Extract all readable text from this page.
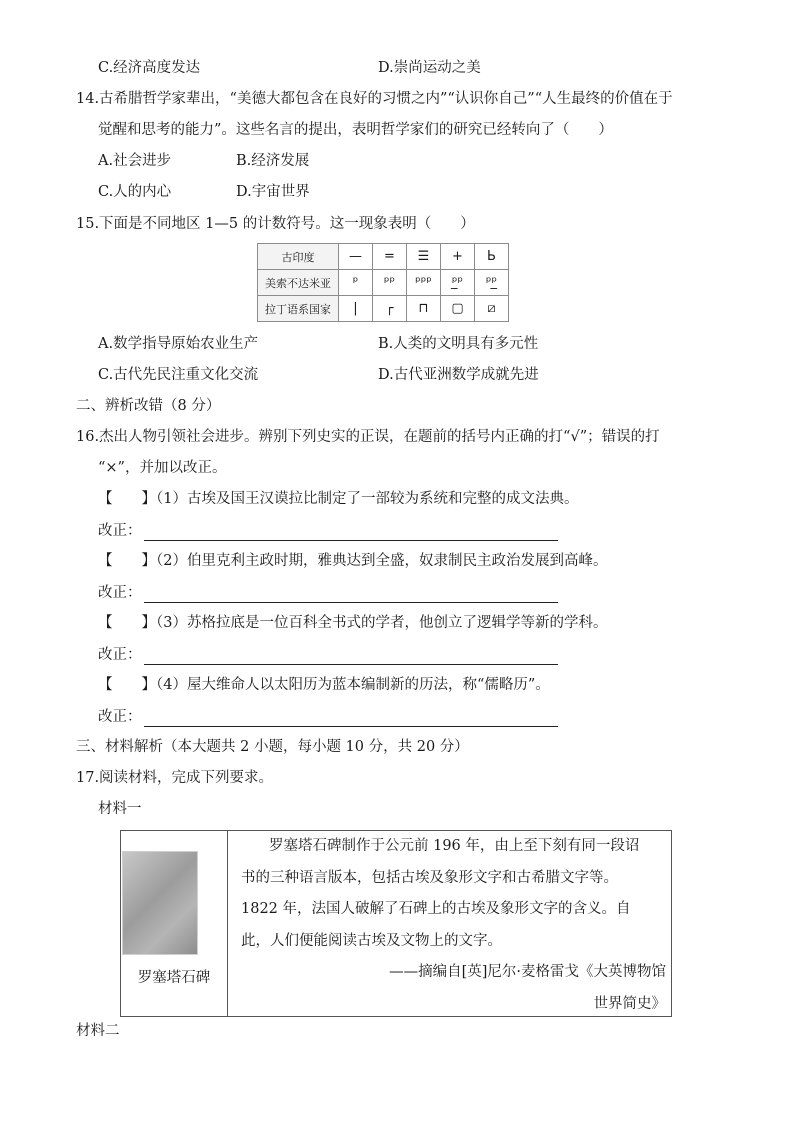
C.经济高度发达	D.崇尚运动之美
14.古希腊哲学家辈出，“美德大都包含在良好的习惯之内”“认识你自己”“人生最终的价值在于
觉醒和思考的能力”。这些名言的提出，表明哲学家们的研究已经转向了（　　）
A.社会进步	B.经济发展
C.人的内心	D.宇宙世界
15.下面是不同地区 1—5 的计数符号。这一现象表明（　　）
古印度	—	=	☰	+	Ь
美索不达米亚	ᵖ	ᵖᵖ	ᵖᵖᵖ	ᵖ̲ᵖ	ᵖᵖ̲
拉丁语系国家	|	┌	⊓	▢	⧄
A.数学指导原始农业生产	B.人类的文明具有多元性
C.古代先民注重文化交流	D.古代亚洲数学成就先进
二、辨析改错（8 分）
16.杰出人物引领社会进步。辨别下列史实的正误，在题前的括号内正确的打“√”；错误的打
“×”，并加以改正。
【　　】（1）古埃及国王汉谟拉比制定了一部较为系统和完整的成文法典。
改正：
【　　】（2）伯里克利主政时期，雅典达到全盛，奴隶制民主政治发展到高峰。
改正：
【　　】（3）苏格拉底是一位百科全书式的学者，他创立了逻辑学等新的学科。
改正：
【　　】（4）屋大维命人以太阳历为蓝本编制新的历法，称“儒略历”。
改正：
三、材料解析（本大题共 2 小题，每小题 10 分，共 20 分）
17.阅读材料，完成下列要求。
材料一
罗塞塔石碑
罗塞塔石碑制作于公元前 196 年，由上至下刻有同一段诏
书的三种语言版本，包括古埃及象形文字和古希腊文字等。
1822 年，法国人破解了石碑上的古埃及象形文字的含义。自
此，人们便能阅读古埃及文物上的文字。
——摘编自[英]尼尔·麦格雷戈《大英博物馆
世界简史》
材料二
